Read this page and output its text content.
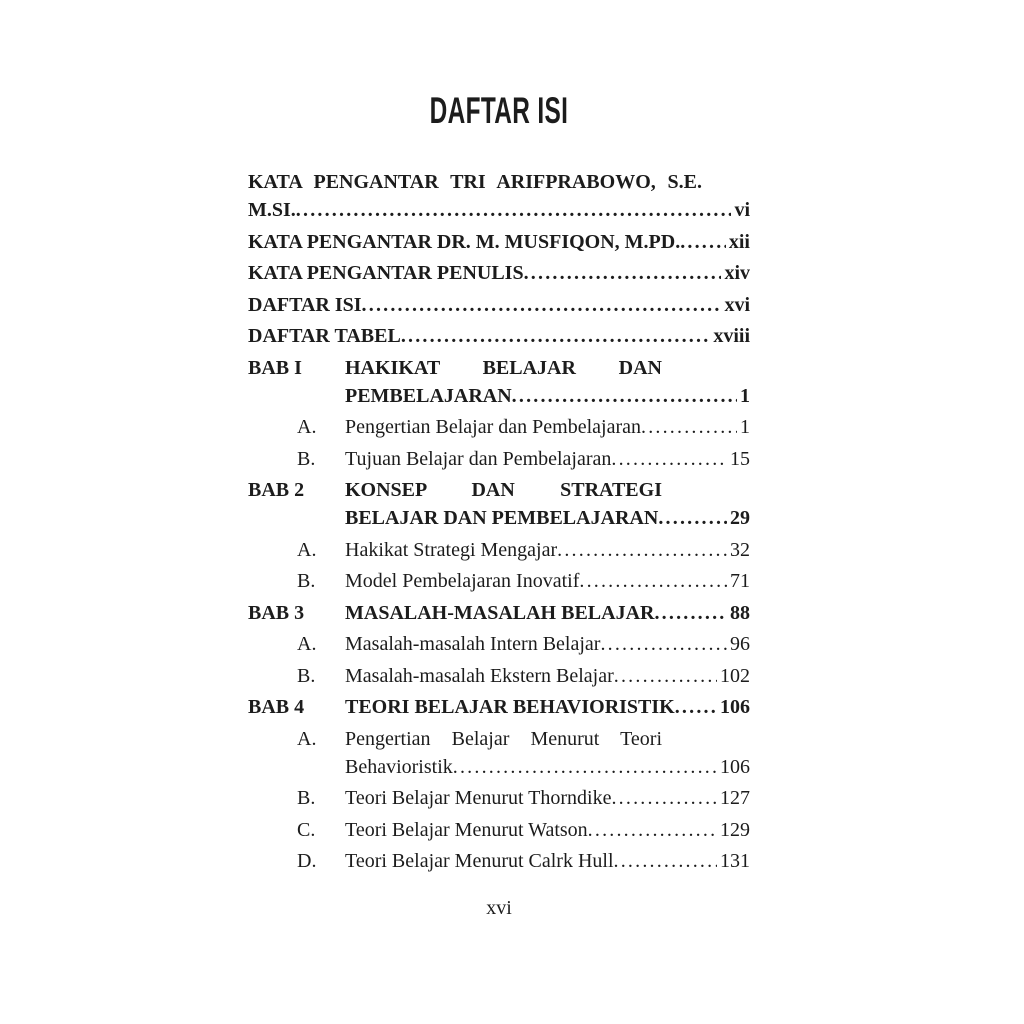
DAFTAR ISI
KATA PENGANTAR TRI ARIFPRABOWO, S.E.
M.SI. .....	vi
KATA PENGANTAR DR. M. MUSFIQON, M.PD. ..... xii
KATA PENGANTAR PENULIS .....	xiv
DAFTAR ISI .....	xvi
DAFTAR TABEL .....	xviii
BAB I	HAKIKAT BELAJAR DAN
PEMBELAJARAN .....	1
A.	Pengertian Belajar dan Pembelajaran .....	1
B.	Tujuan Belajar dan Pembelajaran .....	15
BAB 2	KONSEP DAN STRATEGI
BELAJAR DAN PEMBELAJARAN .....	29
A.	Hakikat Strategi Mengajar .....	32
B.	Model Pembelajaran Inovatif .....	71
BAB 3	MASALAH-MASALAH BELAJAR .....	88
A.	Masalah-masalah Intern Belajar .....	96
B.	Masalah-masalah Ekstern Belajar .....	102
BAB 4	TEORI BELAJAR BEHAVIORISTIK ..... 106
A.	Pengertian Belajar Menurut Teori
Behavioristik .....	106
B.	Teori Belajar Menurut Thorndike .....	127
C.	Teori Belajar Menurut Watson .....	129
D.	Teori Belajar Menurut Calrk Hull .....	131
xvi
